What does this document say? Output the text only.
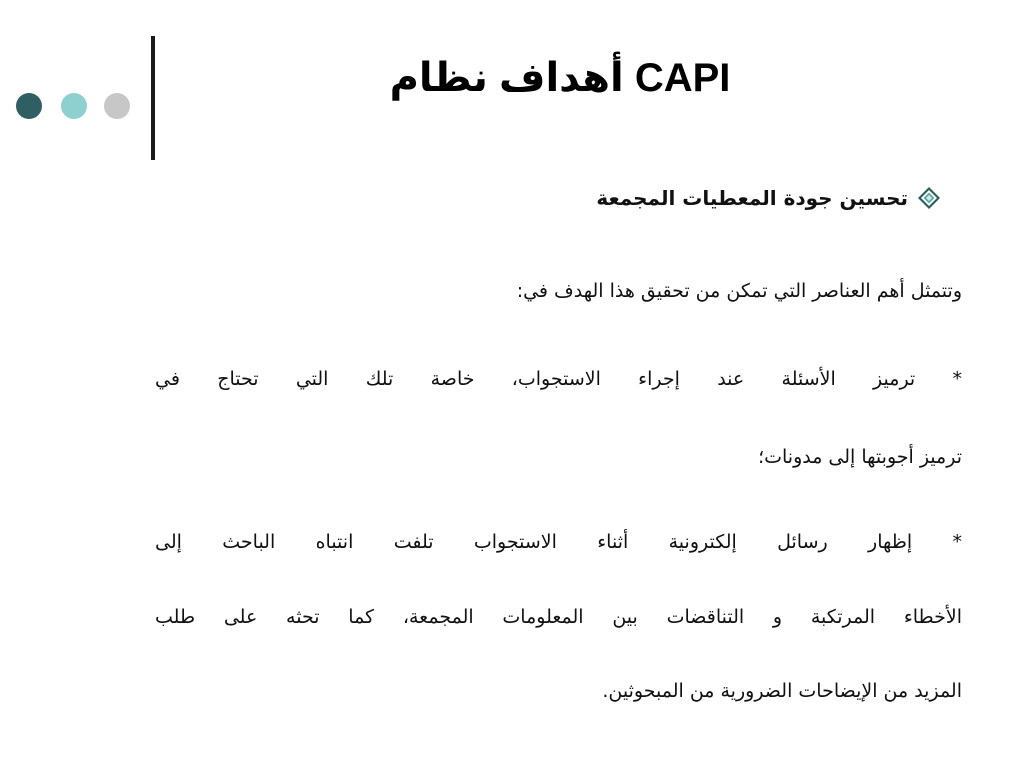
أهداف نظام CAPI
تحسين جودة المعطيات المجمعة
وتتمثل أهم العناصر التي تمكن من تحقيق هذا الهدف في:
* ترميز الأسئلة عند إجراء الاستجواب، خاصة تلك التي تحتاج في
ترميز أجوبتها إلى مدونات؛
* إظهار رسائل إلكترونية أثناء الاستجواب تلفت انتباه الباحث إلى
الأخطاء المرتكبة و التناقضات بين المعلومات المجمعة، كما تحثه على طلب
المزيد من الإيضاحات الضرورية من المبحوثين.
